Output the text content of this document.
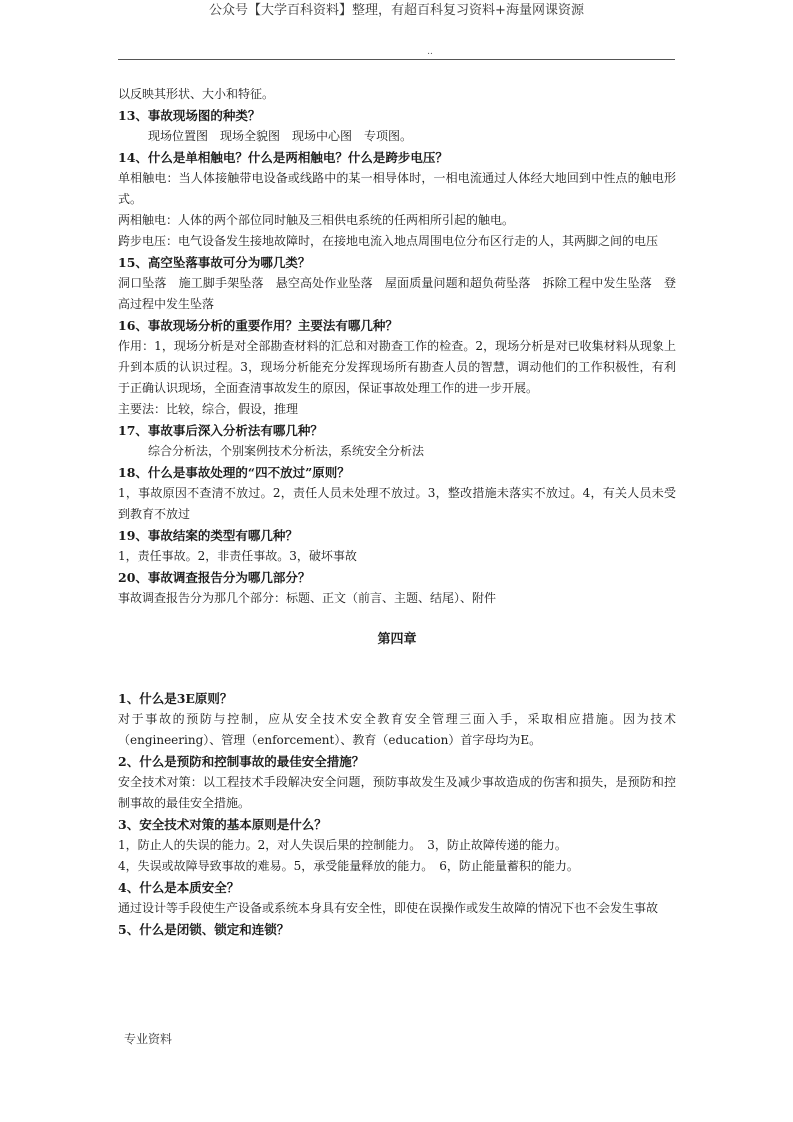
公众号【大学百科资料】整理，有超百科复习资料+海量网课资源
..

以反映其形状、大小和特征。

13、事故现场图的种类？

现场位置图　现场全貌图　现场中心图　专项图。

14、什么是单相触电？什么是两相触电？什么是跨步电压？

单相触电：当人体接触带电设备或线路中的某一相导体时，一相电流通过人体经大地回到中性点的触电形式。

两相触电：人体的两个部位同时触及三相供电系统的任两相所引起的触电。

跨步电压：电气设备发生接地故障时，在接地电流入地点周围电位分布区行走的人，其两脚之间的电压

15、高空坠落事故可分为哪几类？

洞口坠落　施工脚手架坠落　悬空高处作业坠落　屋面质量问题和超负荷坠落　拆除工程中发生坠落　登高过程中发生坠落

16、事故现场分析的重要作用？主要法有哪几种？

作用：1，现场分析是对全部勘查材料的汇总和对勘查工作的检查。2，现场分析是对已收集材料从现象上升到本质的认识过程。3，现场分析能充分发挥现场所有勘查人员的智慧，调动他们的工作积极性，有利于正确认识现场，全面查清事故发生的原因，保证事故处理工作的进一步开展。

主要法：比较，综合，假设，推理

17、事故事后深入分析法有哪几种？

综合分析法，个别案例技术分析法，系统安全分析法

18、什么是事故处理的“四不放过”原则？

1，事故原因不查清不放过。2，责任人员未处理不放过。3，整改措施未落实不放过。4，有关人员未受到教育不放过

19、事故结案的类型有哪几种？

1，责任事故。2，非责任事故。3，破坏事故

20、事故调查报告分为哪几部分？

事故调查报告分为那几个部分：标题、正文（前言、主题、结尾）、附件

第四章

1、什么是3E原则？

对于事故的预防与控制，应从安全技术安全教育安全管理三面入手，采取相应措施。因为技术（engineering）、管理（enforcement）、教育（education）首字母均为E。

2、什么是预防和控制事故的最佳安全措施？

安全技术对策：以工程技术手段解决安全问题，预防事故发生及减少事故造成的伤害和损失，是预防和控制事故的最佳安全措施。

3、安全技术对策的基本原则是什么？

1，防止人的失误的能力。2，对人失误后果的控制能力。　3，防止故障传递的能力。

4，失误或故障导致事故的难易。5，承受能量释放的能力。　6，防止能量蓄积的能力。

4、什么是本质安全？

通过设计等手段使生产设备或系统本身具有安全性，即使在误操作或发生故障的情况下也不会发生事故

5、什么是闭锁、锁定和连锁？

专业资料
